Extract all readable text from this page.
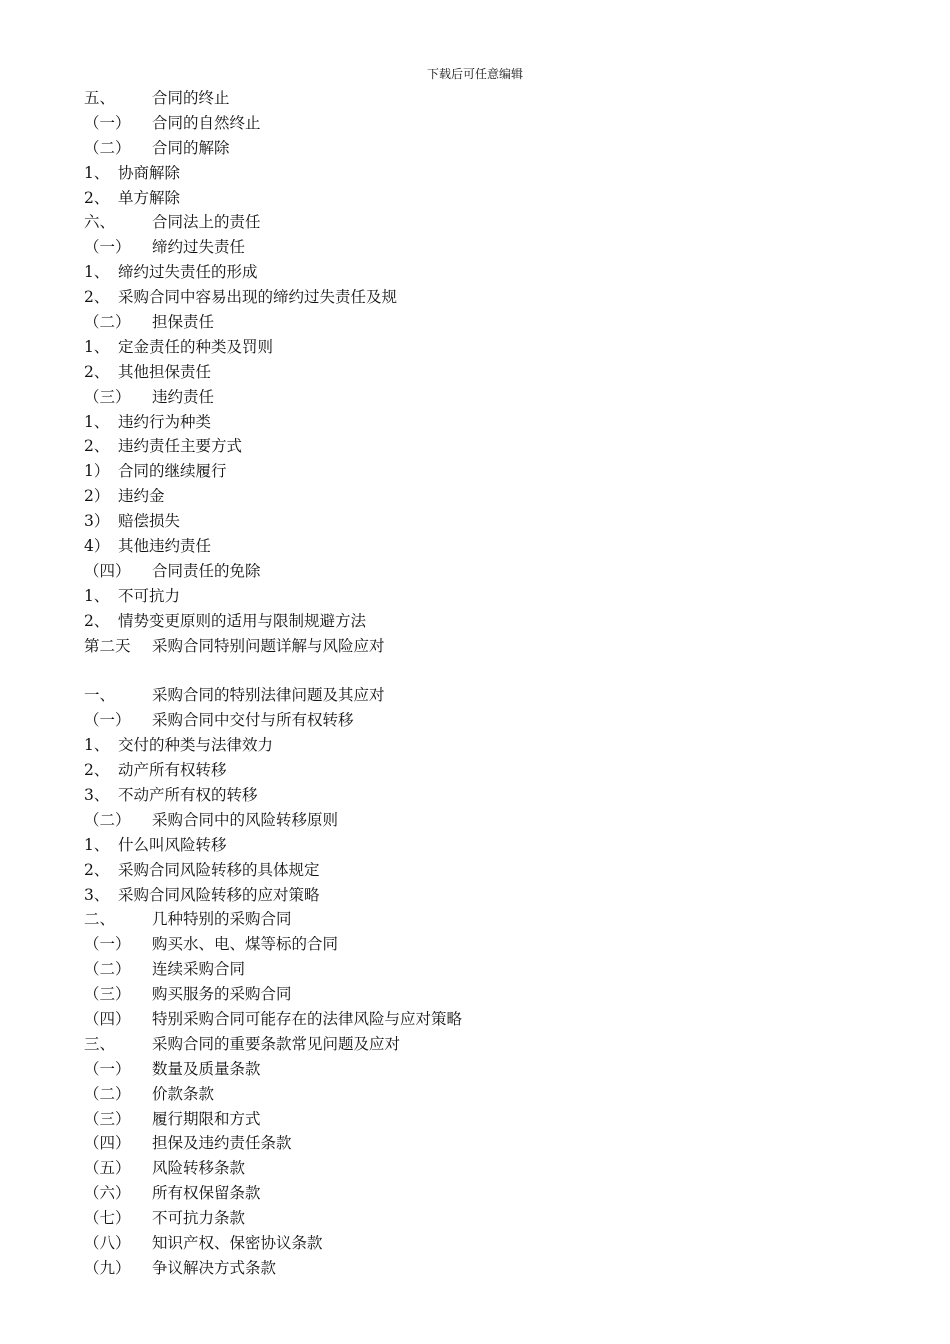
下载后可任意编辑
五、	合同的终止
（一）	合同的自然终止
（二）	合同的解除
1、 协商解除
2、 单方解除
六、	合同法上的责任
（一）	缔约过失责任
1、 缔约过失责任的形成
2、 采购合同中容易出现的缔约过失责任及规
（二）	担保责任
1、 定金责任的种类及罚则
2、 其他担保责任
（三）	违约责任
1、 违约行为种类
2、 违约责任主要方式
1） 合同的继续履行
2） 违约金
3） 赔偿损失
4） 其他违约责任
（四）	合同责任的免除
1、 不可抗力
2、 情势变更原则的适用与限制规避方法
第二天	采购合同特别问题详解与风险应对
一、	采购合同的特别法律问题及其应对
（一）	采购合同中交付与所有权转移
1、 交付的种类与法律效力
2、 动产所有权转移
3、 不动产所有权的转移
（二）	采购合同中的风险转移原则
1、 什么叫风险转移
2、 采购合同风险转移的具体规定
3、 采购合同风险转移的应对策略
二、	几种特别的采购合同
（一）	购买水、电、煤等标的合同
（二）	连续采购合同
（三）	购买服务的采购合同
（四）	特别采购合同可能存在的法律风险与应对策略
三、	采购合同的重要条款常见问题及应对
（一）	数量及质量条款
（二）	价款条款
（三）	履行期限和方式
（四）	担保及违约责任条款
（五）	风险转移条款
（六）	所有权保留条款
（七）	不可抗力条款
（八）	知识产权、保密协议条款
（九）	争议解决方式条款
